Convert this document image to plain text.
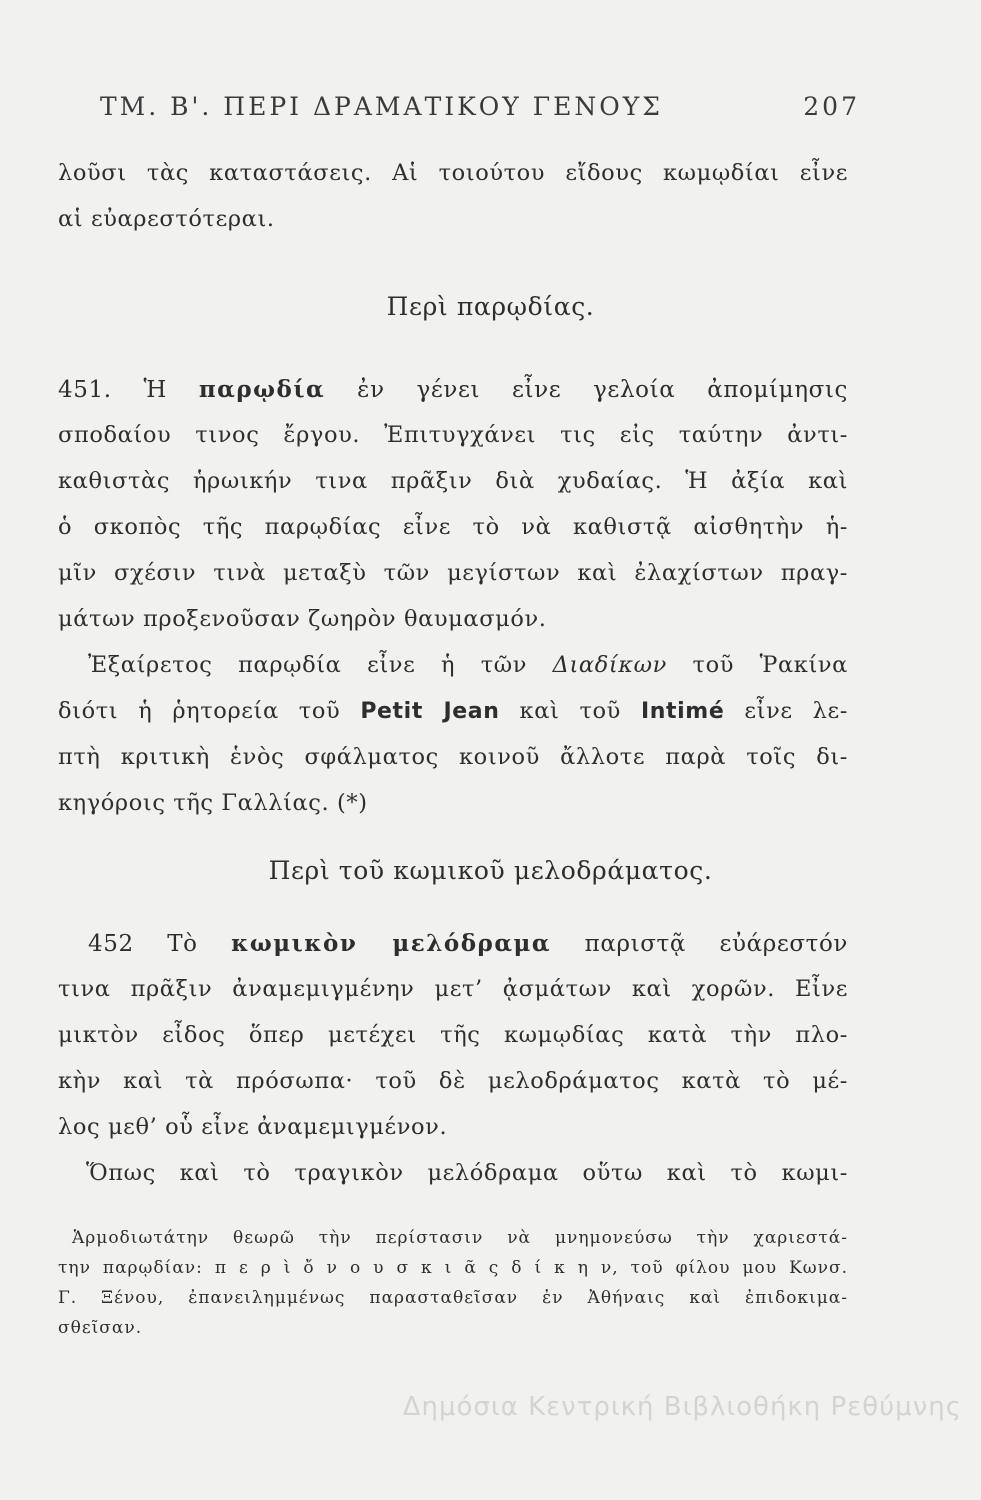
ΤΜ. Β'. ΠΕΡΙ ΔΡΑΜΑΤΙΚΟΥ ΓΕΝΟΥΣ	207
λοῦσι τὰς καταστάσεις. Αἱ τοιούτου εἴδους κωμῳδίαι εἶνε
αἱ εὐαρεστότεραι.
Περὶ παρῳδίας.
451. Ἡ παρῳδία ἐν γένει εἶνε γελοία ἀπομίμησις
σποδαίου τινος ἔργου. Ἐπιτυγχάνει τις εἰς ταύτην ἀντι-
καθιστὰς ἡρωικήν τινα πρᾶξιν διὰ χυδαίας. Ἡ ἀξία καὶ
ὁ σκοπὸς τῆς παρῳδίας εἶνε τὸ νὰ καθιστᾷ αἰσθητὴν ἡ-
μῖν σχέσιν τινὰ μεταξὺ τῶν μεγίστων καὶ ἐλαχίστων πραγ-
μάτων προξενοῦσαν ζωηρὸν θαυμασμόν.
Ἐξαίρετος παρῳδία εἶνε ἡ τῶν Διαδίκων τοῦ Ῥακίνα
διότι ἡ ῥητορεία τοῦ Petit Jean καὶ τοῦ Intimé εἶνε λε-
πτὴ κριτικὴ ἑνὸς σφάλματος κοινοῦ ἄλλοτε παρὰ τοῖς δι-
κηγόροις τῆς Γαλλίας. (*)
Περὶ τοῦ κωμικοῦ μελοδράματος.
452 Τὸ κωμικὸν μελόδραμα παριστᾷ εὐάρεστόν
τινα πρᾶξιν ἀναμεμιγμένην μετ’ ᾀσμάτων καὶ χορῶν. Εἶνε
μικτὸν εἶδος ὅπερ μετέχει τῆς κωμῳδίας κατὰ τὴν πλο-
κὴν καὶ τὰ πρόσωπα· τοῦ δὲ μελοδράματος κατὰ τὸ μέ-
λος μεθ’ οὗ εἶνε ἀναμεμιγμένον.
Ὅπως καὶ τὸ τραγικὸν μελόδραμα οὕτω καὶ τὸ κωμι-
Ἁρμοδιωτάτην θεωρῶ τὴν περίστασιν νὰ μνημονεύσω τὴν χαριεστά-
την παρῳδίαν: π ε ρ ὶ ὄ ν ο υ σ κ ι ᾶ ς δ ί κ η ν, τοῦ φίλου μου Κωνσ.
Γ. Ξένου, ἐπανειλημμένως παρασταθεῖσαν ἐν Ἀθήναις καὶ ἐπιδοκιμα-
σθεῖσαν.
Δημόσια Κεντρική Βιβλιοθήκη Ρεθύμνης
